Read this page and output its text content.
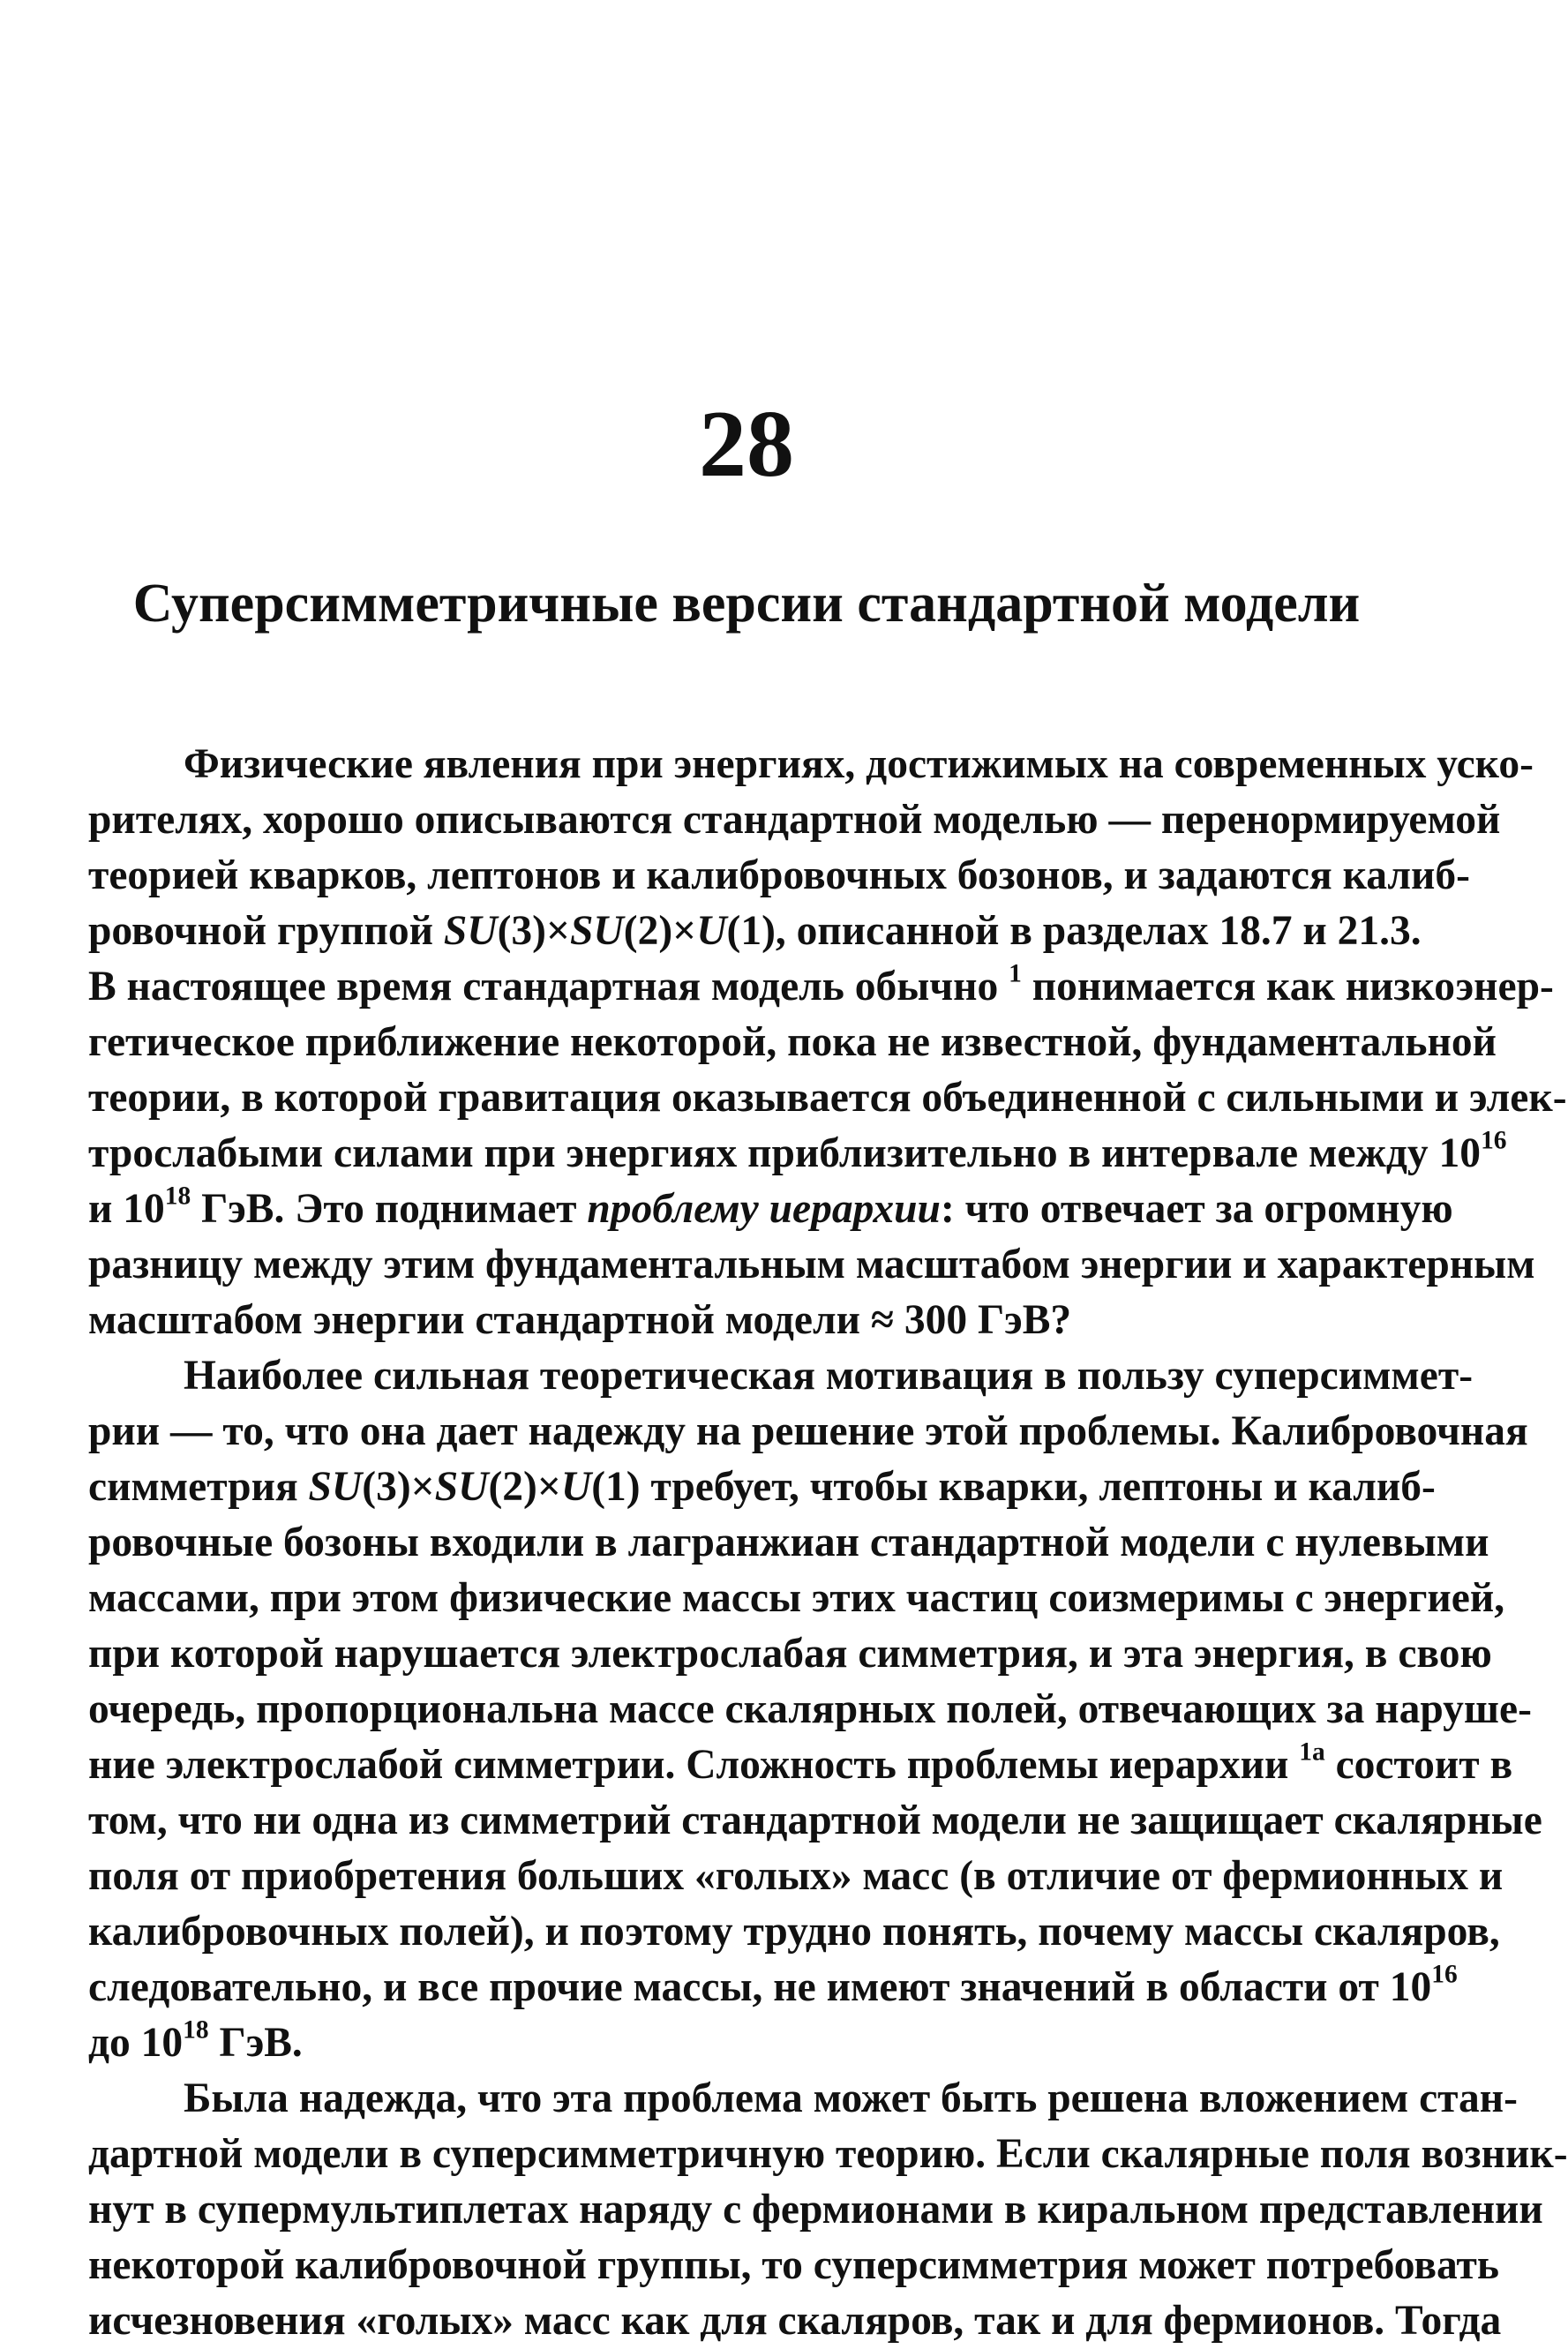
28
Суперсимметричные версии стандартной модели
Физические явления при энергиях, достижимых на современных уско-
рителях, хорошо описываются стандартной моделью — перенормируемой
теорией кварков, лептонов и калибровочных бозонов, и задаются калиб-
ровочной группой SU(3)×SU(2)×U(1), описанной в разделах 18.7 и 21.3.
В настоящее время стандартная модель обычно $^1$ понимается как низкоэнер-
гетическое приближение некоторой, пока не известной, фундаментальной
теории, в которой гравитация оказывается объединенной с сильными и элек-
трослабыми силами при энергиях приблизительно в интервале между $10^{16}$
и $10^{18}$ ГэВ. Это поднимает проблему иерархии: что отвечает за огромную
разницу между этим фундаментальным масштабом энергии и характерным
масштабом энергии стандартной модели ≈ 300 ГэВ?
Наиболее сильная теоретическая мотивация в пользу суперсиммет-
рии — то, что она дает надежду на решение этой проблемы. Калибровочная
симметрия SU(3)×SU(2)×U(1) требует, чтобы кварки, лептоны и калиб-
ровочные бозоны входили в лагранжиан стандартной модели с нулевыми
массами, при этом физические массы этих частиц соизмеримы с энергией,
при которой нарушается электрослабая симметрия, и эта энергия, в свою
очередь, пропорциональна массе скалярных полей, отвечающих за наруше-
ние электрослабой симметрии. Сложность проблемы иерархии $^{1a}$ состоит в
том, что ни одна из симметрий стандартной модели не защищает скалярные
поля от приобретения больших «голых» масс (в отличие от фермионных и
калибровочных полей), и поэтому трудно понять, почему массы скаляров,
следовательно, и все прочие массы, не имеют значений в области от $10^{16}$
до $10^{18}$ ГэВ.
Была надежда, что эта проблема может быть решена вложением стан-
дартной модели в суперсимметричную теорию. Если скалярные поля возник-
нут в супермультиплетах наряду с фермионами в киральном представлении
некоторой калибровочной группы, то суперсимметрия может потребовать
исчезновения «голых» масс как для скаляров, так и для фермионов. Тогда
